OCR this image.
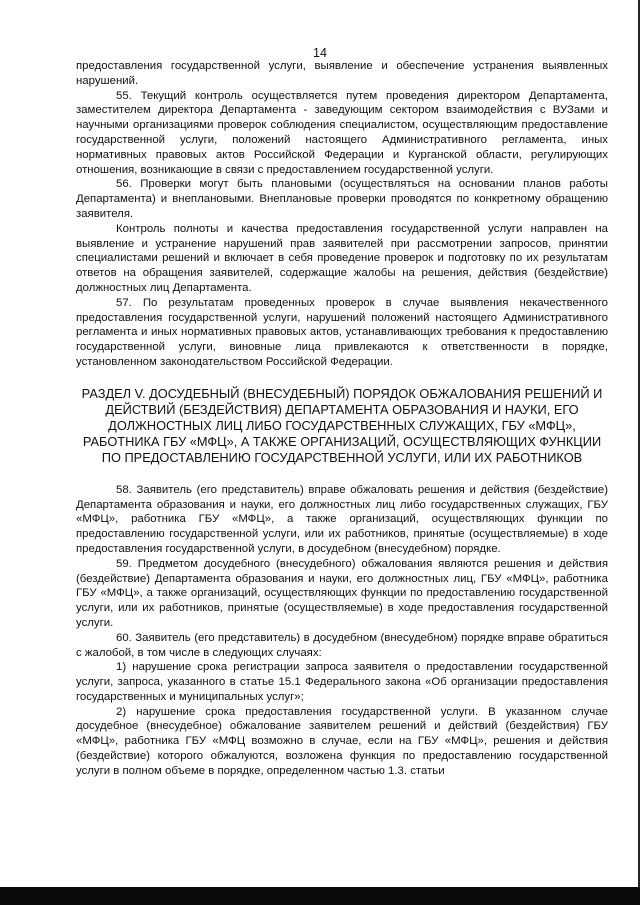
14

предоставления государственной услуги, выявление и обеспечение устранения выявленных нарушений.

55. Текущий контроль осуществляется путем проведения директором Департамента, заместителем директора Департамента - заведующим сектором взаимодействия с ВУЗами и научными организациями проверок соблюдения специалистом, осуществляющим предоставление государственной услуги, положений настоящего Административного регламента, иных нормативных правовых актов Российской Федерации и Курганской области, регулирующих отношения, возникающие в связи с предоставлением государственной услуги.

56. Проверки могут быть плановыми (осуществляться на основании планов работы Департамента) и внеплановыми. Внеплановые проверки проводятся по конкретному обращению заявителя.

Контроль полноты и качества предоставления государственной услуги направлен на выявление и устранение нарушений прав заявителей при рассмотрении запросов, принятии специалистами решений и включает в себя проведение проверок и подготовку по их результатам ответов на обращения заявителей, содержащие жалобы на решения, действия (бездействие) должностных лиц Департамента.

57. По результатам проведенных проверок в случае выявления некачественного предоставления государственной услуги, нарушений положений настоящего Административного регламента и иных нормативных правовых актов, устанавливающих требования к предоставлению государственной услуги, виновные лица привлекаются к ответственности в порядке, установленном законодательством Российской Федерации.

РАЗДЕЛ V. ДОСУДЕБНЫЙ (ВНЕСУДЕБНЫЙ) ПОРЯДОК ОБЖАЛОВАНИЯ РЕШЕНИЙ И ДЕЙСТВИЙ (БЕЗДЕЙСТВИЯ) ДЕПАРТАМЕНТА ОБРАЗОВАНИЯ И НАУКИ, ЕГО ДОЛЖНОСТНЫХ ЛИЦ ЛИБО ГОСУДАРСТВЕННЫХ СЛУЖАЩИХ, ГБУ «МФЦ», РАБОТНИКА ГБУ «МФЦ», А ТАКЖЕ ОРГАНИЗАЦИЙ, ОСУЩЕСТВЛЯЮЩИХ ФУНКЦИИ ПО ПРЕДОСТАВЛЕНИЮ ГОСУДАРСТВЕННОЙ УСЛУГИ, ИЛИ ИХ РАБОТНИКОВ

58. Заявитель (его представитель) вправе обжаловать решения и действия (бездействие) Департамента образования и науки, его должностных лиц либо государственных служащих, ГБУ «МФЦ», работника ГБУ «МФЦ», а также организаций, осуществляющих функции по предоставлению государственной услуги, или их работников, принятые (осуществляемые) в ходе предоставления государственной услуги, в досудебном (внесудебном) порядке.

59. Предметом досудебного (внесудебного) обжалования являются решения и действия (бездействие) Департамента образования и науки, его должностных лиц, ГБУ «МФЦ», работника ГБУ «МФЦ», а также организаций, осуществляющих функции по предоставлению государственной услуги, или их работников, принятые (осуществляемые) в ходе предоставления государственной услуги.

60. Заявитель (его представитель) в досудебном (внесудебном) порядке вправе обратиться с жалобой, в том числе в следующих случаях:

1) нарушение срока регистрации запроса заявителя о предоставлении государственной услуги, запроса, указанного в статье 15.1 Федерального закона «Об организации предоставления государственных и муниципальных услуг»;

2) нарушение срока предоставления государственной услуги. В указанном случае досудебное (внесудебное) обжалование заявителем решений и действий (бездействия) ГБУ «МФЦ», работника ГБУ «МФЦ возможно в случае, если на ГБУ «МФЦ», решения и действия (бездействие) которого обжалуются, возложена функция по предоставлению государственной услуги в полном объеме в порядке, определенном частью 1.3. статьи
